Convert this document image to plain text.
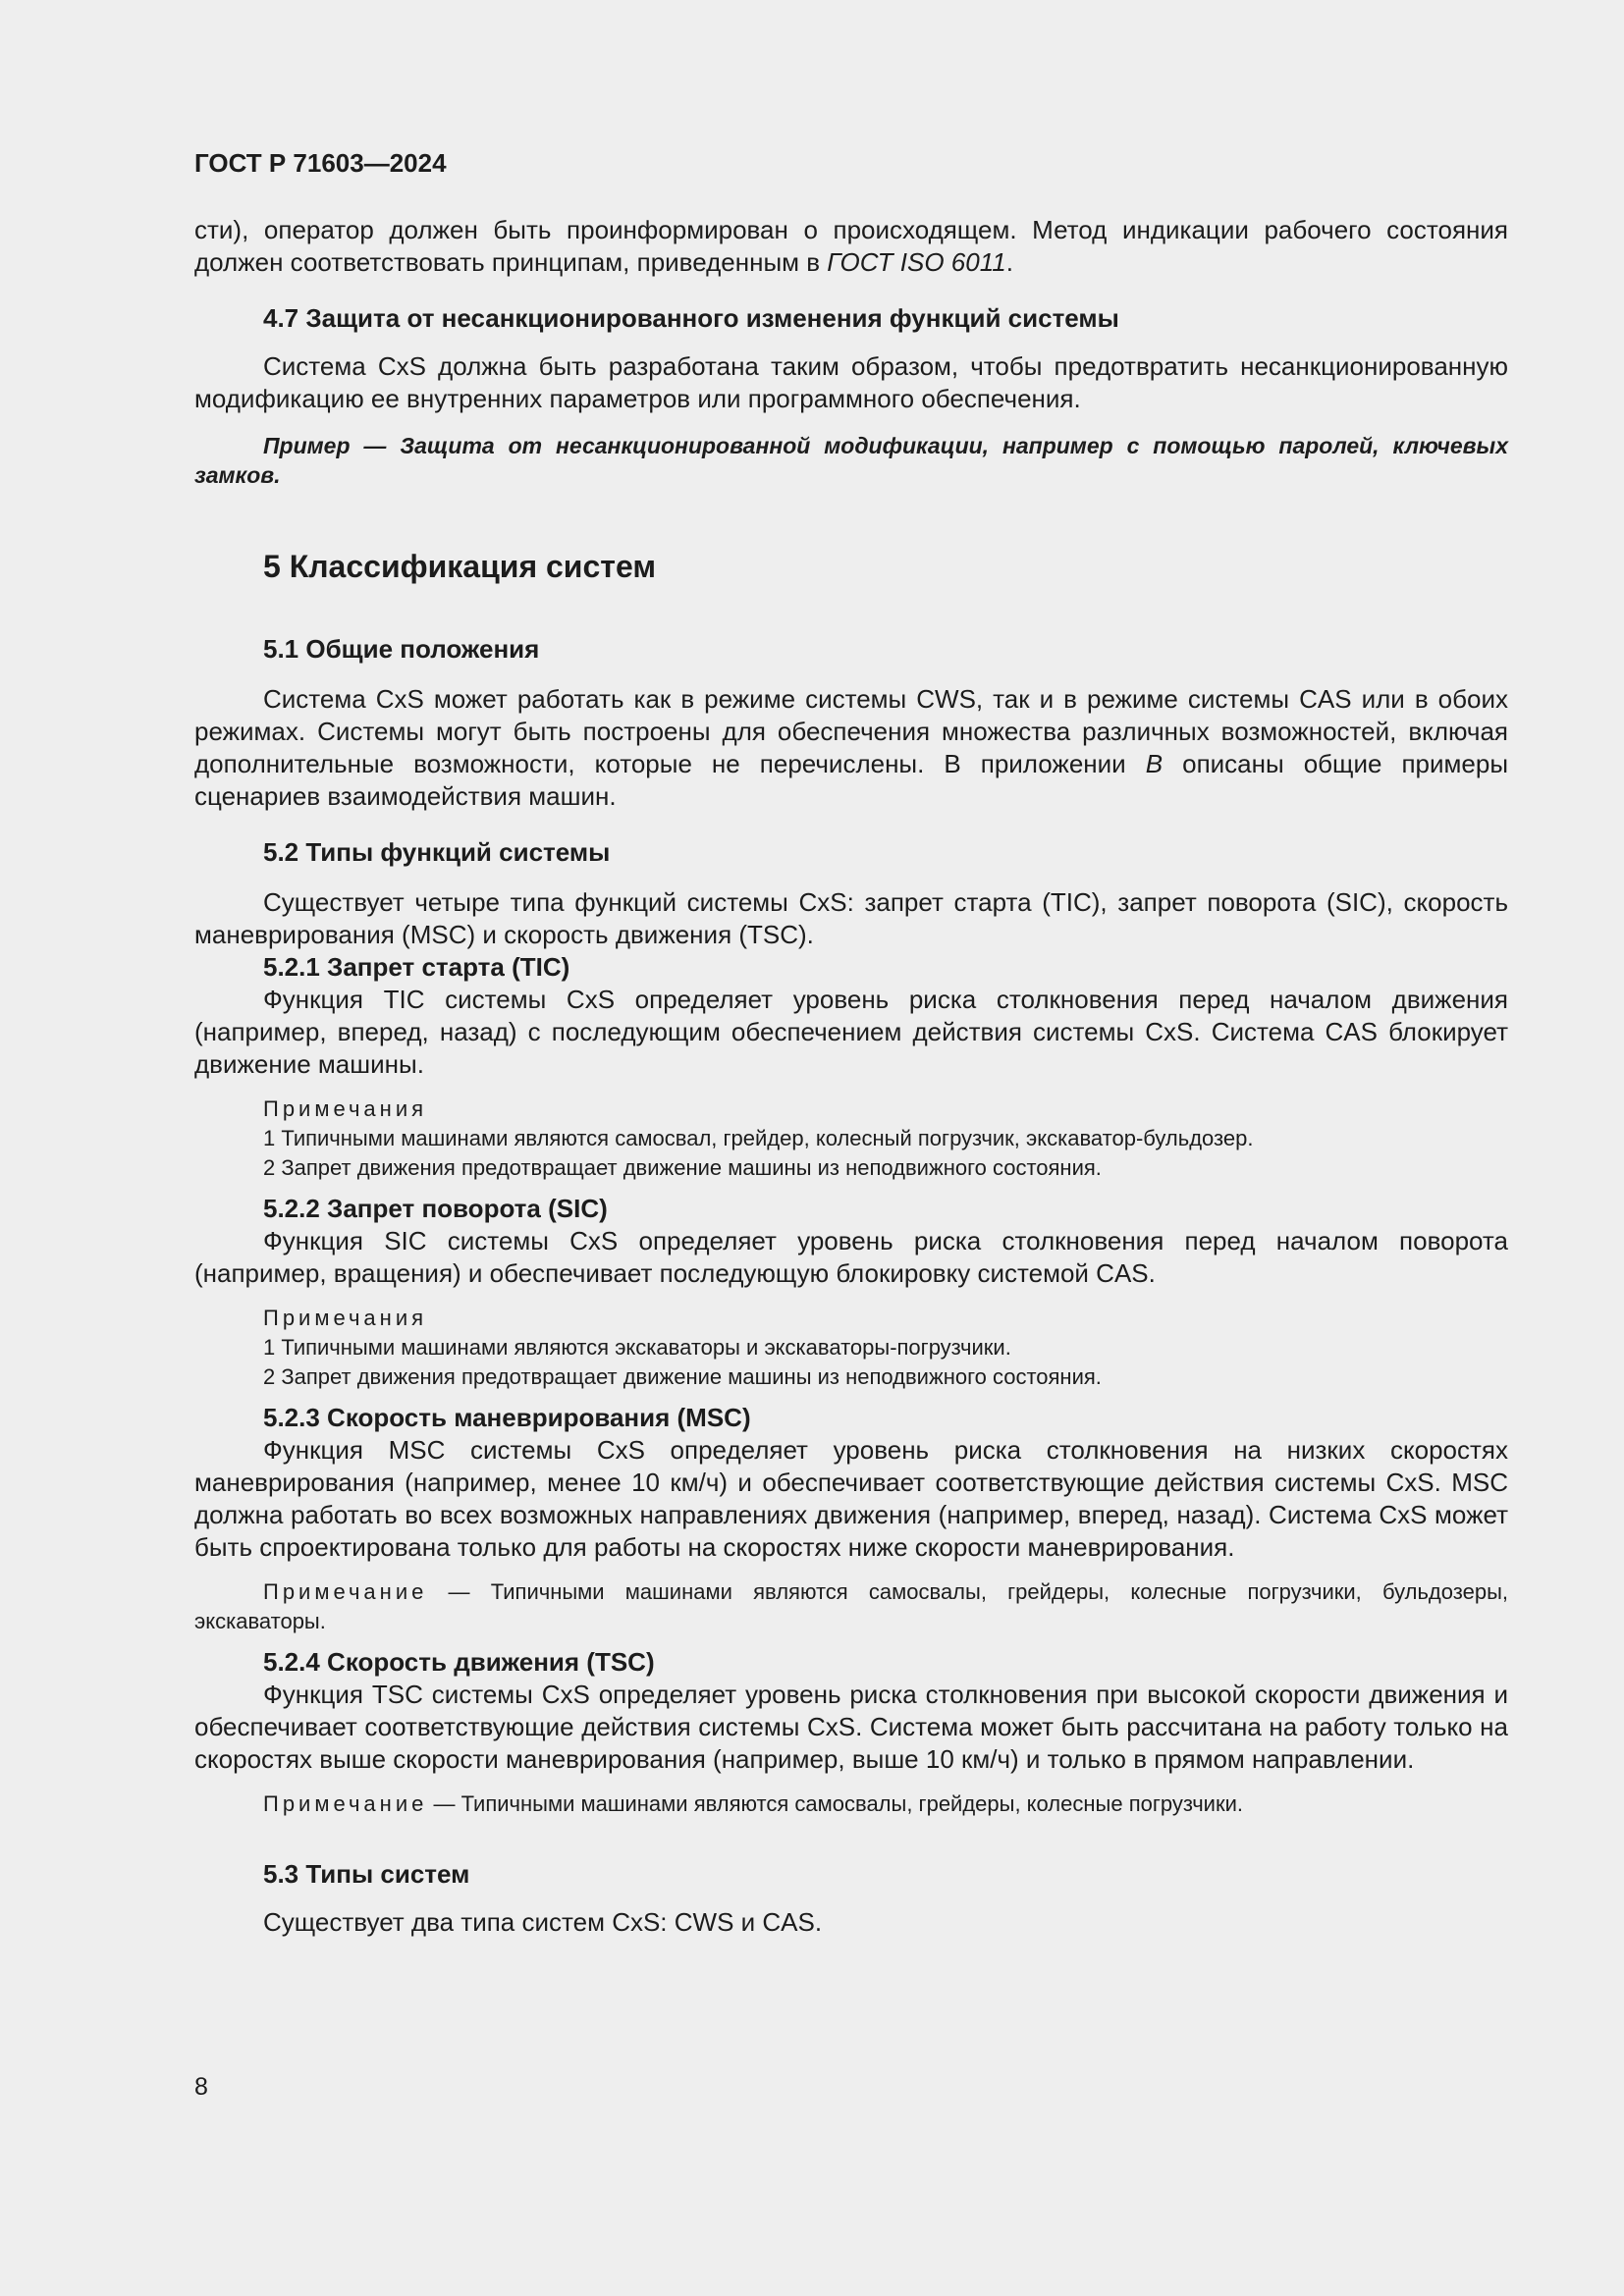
ГОСТ Р 71603—2024

сти), оператор должен быть проинформирован о происходящем. Метод индикации рабочего состояния должен соответствовать принципам, приведенным в ГОСТ ISO 6011.

4.7 Защита от несанкционированного изменения функций системы

Система CxS должна быть разработана таким образом, чтобы предотвратить несанкционированную модификацию ее внутренних параметров или программного обеспечения.

Пример — Защита от несанкционированной модификации, например с помощью паролей, ключевых замков.

5 Классификация систем

5.1 Общие положения

Система CxS может работать как в режиме системы CWS, так и в режиме системы CAS или в обоих режимах. Системы могут быть построены для обеспечения множества различных возможностей, включая дополнительные возможности, которые не перечислены. В приложении В описаны общие примеры сценариев взаимодействия машин.

5.2 Типы функций системы

Существует четыре типа функций системы CxS: запрет старта (TIC), запрет поворота (SIC), скорость маневрирования (MSC) и скорость движения (TSC).

5.2.1 Запрет старта (TIC)

Функция TIC системы CxS определяет уровень риска столкновения перед началом движения (например, вперед, назад) с последующим обеспечением действия системы CxS. Система CAS блокирует движение машины.

Примечания

1 Типичными машинами являются самосвал, грейдер, колесный погрузчик, экскаватор-бульдозер.

2 Запрет движения предотвращает движение машины из неподвижного состояния.

5.2.2 Запрет поворота (SIC)

Функция SIC системы CxS определяет уровень риска столкновения перед началом поворота (например, вращения) и обеспечивает последующую блокировку системой CAS.

Примечания

1 Типичными машинами являются экскаваторы и экскаваторы-погрузчики.

2 Запрет движения предотвращает движение машины из неподвижного состояния.

5.2.3 Скорость маневрирования (MSC)

Функция MSC системы CxS определяет уровень риска столкновения на низких скоростях маневрирования (например, менее 10 км/ч) и обеспечивает соответствующие действия системы CxS. MSC должна работать во всех возможных направлениях движения (например, вперед, назад). Система CxS может быть спроектирована только для работы на скоростях ниже скорости маневрирования.

Примечание — Типичными машинами являются самосвалы, грейдеры, колесные погрузчики, бульдозеры, экскаваторы.

5.2.4 Скорость движения (TSC)

Функция TSC системы CxS определяет уровень риска столкновения при высокой скорости движения и обеспечивает соответствующие действия системы CxS. Система может быть рассчитана на работу только на скоростях выше скорости маневрирования (например, выше 10 км/ч) и только в прямом направлении.

Примечание — Типичными машинами являются самосвалы, грейдеры, колесные погрузчики.

5.3 Типы систем

Существует два типа систем CxS: CWS и CAS.

8
